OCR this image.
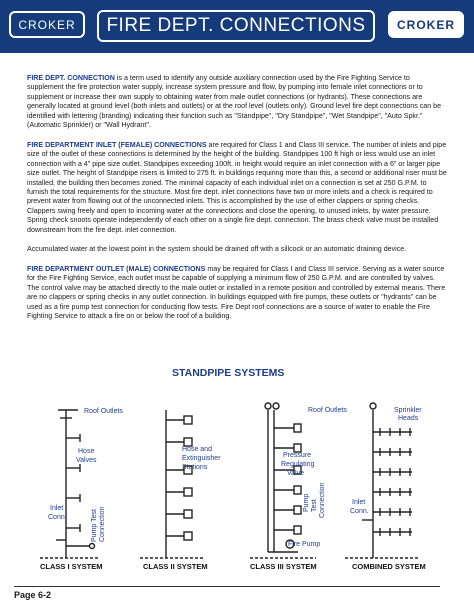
CROKER FIRE DEPT. CONNECTIONS	CROKER

FIRE DEPT. CONNECTION is a term used to identify any outside auxiliary connection used by the Fire Fighting Service to supplement the fire protection water supply, increase system pressure and flow, by pumping into female inlet connections or to supplement or increase their own supply to obtaining water from male outlet connections (or hydrants). These connections are generally located at ground level (both inlets and outlets) or at the roof level (outlets only). Ground level fire dept connections can be identified with lettering (branding) indicating their function such as "Standpipe", "Dry Standpipe", "Wet Standpipe", "Auto Spkr." (Automatic Sprinkler) or "Wall Hydrant".

FIRE DEPARTMENT INLET (FEMALE) CONNECTIONS are required for Class 1 and Class III service. The number of inlets and pipe size of the outlet of these connections is determined by the height of the building. Standpipes 100 ft high or less would use an inlet connection with a 4" pipe size outlet. Standpipes exceeding 100ft. in height would require an inlet connection with a 6" or larger pipe size outlet. The height of Standpipe risers is limited to 275 ft. in buildings requiring more than this, a second or additional riser must be installed, the building then becomes zoned. The minimal capacity of each individual inlet on a connection is set at 250 G.P.M. to furnish the total requirements for the structure. Most fire dept. inlet connections have two or more inlets and a check is required to prevent water from flowing out of the unconnected inlets. This is accomplished by the use of either clappers or spring checks. Clappers swing freely and open to incoming water at the connections and close the opening, to unused inlets, by water pressure. Spring check snoots operate independently of each other on a single fire dept. connection. The brass check valve must be installed downstream from the fire dept. inlet connection.

Accumulated water at the lowest point in the system should be drained off with a sillcock or an automatic draining device.

FIRE DEPARTMENT OUTLET (MALE) CONNECTIONS may be required for Class I and Class III service. Serving as a water source for the Fire Fighting Service, each outlet must be capable of supplying a minimum flow of 250 G.P.M. and are controlled by valves. The control valve may be attached directly to the male outlet or installed in a remote position and controlled by external means. There are no clappers or spring checks in any outlet connection. In buildings equipped with fire pumps, these outlets or "hydrants" can be used as a fire pump test connection for conducting flow tests. Fire Dept roof connections are a source of water to enable the Fire Fighting Service to attack a fire on or below the roof of a building.

STANDPIPE SYSTEMS
Roof Outlets
Hose
Valves
Inlet
Conn.	Pump Test Connection
Hose and
Extinguisher
Stations
Roof Outlets
Pressure
Regulating
Valve
Pump Test Connection
Fire Pump
Sprinkler
Heads
Inlet
Conn.
CLASS I SYSTEM	CLASS II SYSTEM	CLASS III SYSTEM	COMBINED SYSTEM
Page 6-2
